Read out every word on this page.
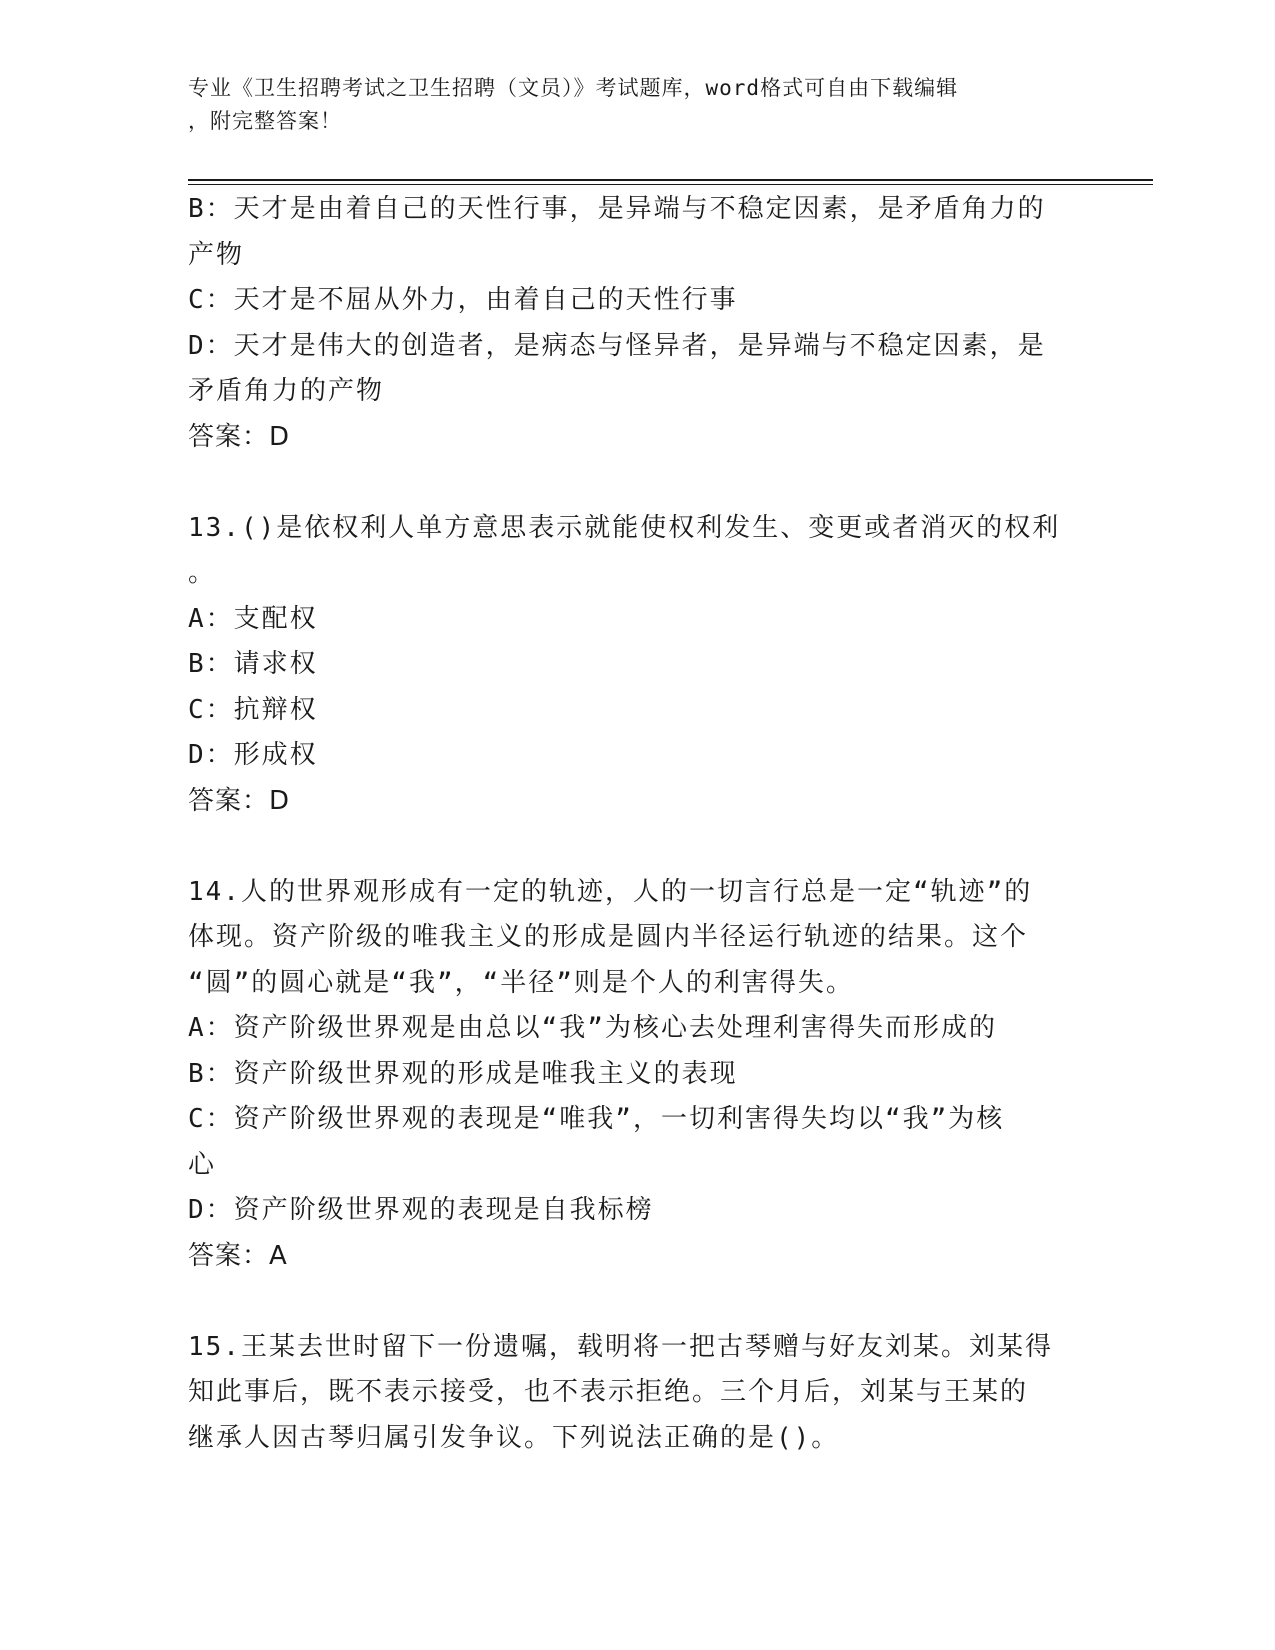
专业《卫生招聘考试之卫生招聘（文员）》考试题库，word格式可自由下载编辑
，附完整答案！

B：天才是由着自己的天性行事，是异端与不稳定因素，是矛盾角力的

产物

C：天才是不屈从外力，由着自己的天性行事

D：天才是伟大的创造者，是病态与怪异者，是异端与不稳定因素，是

矛盾角力的产物

答案：D

13.()是依权利人单方意思表示就能使权利发生、变更或者消灭的权利

。

A：支配权

B：请求权

C：抗辩权

D：形成权

答案：D

14.人的世界观形成有一定的轨迹，人的一切言行总是一定“轨迹”的

体现。资产阶级的唯我主义的形成是圆内半径运行轨迹的结果。这个

“圆”的圆心就是“我”，“半径”则是个人的利害得失。

A：资产阶级世界观是由总以“我”为核心去处理利害得失而形成的

B：资产阶级世界观的形成是唯我主义的表现

C：资产阶级世界观的表现是“唯我”，一切利害得失均以“我”为核

心

D：资产阶级世界观的表现是自我标榜

答案：A

15.王某去世时留下一份遗嘱，载明将一把古琴赠与好友刘某。刘某得

知此事后，既不表示接受，也不表示拒绝。三个月后，刘某与王某的

继承人因古琴归属引发争议。下列说法正确的是()。
